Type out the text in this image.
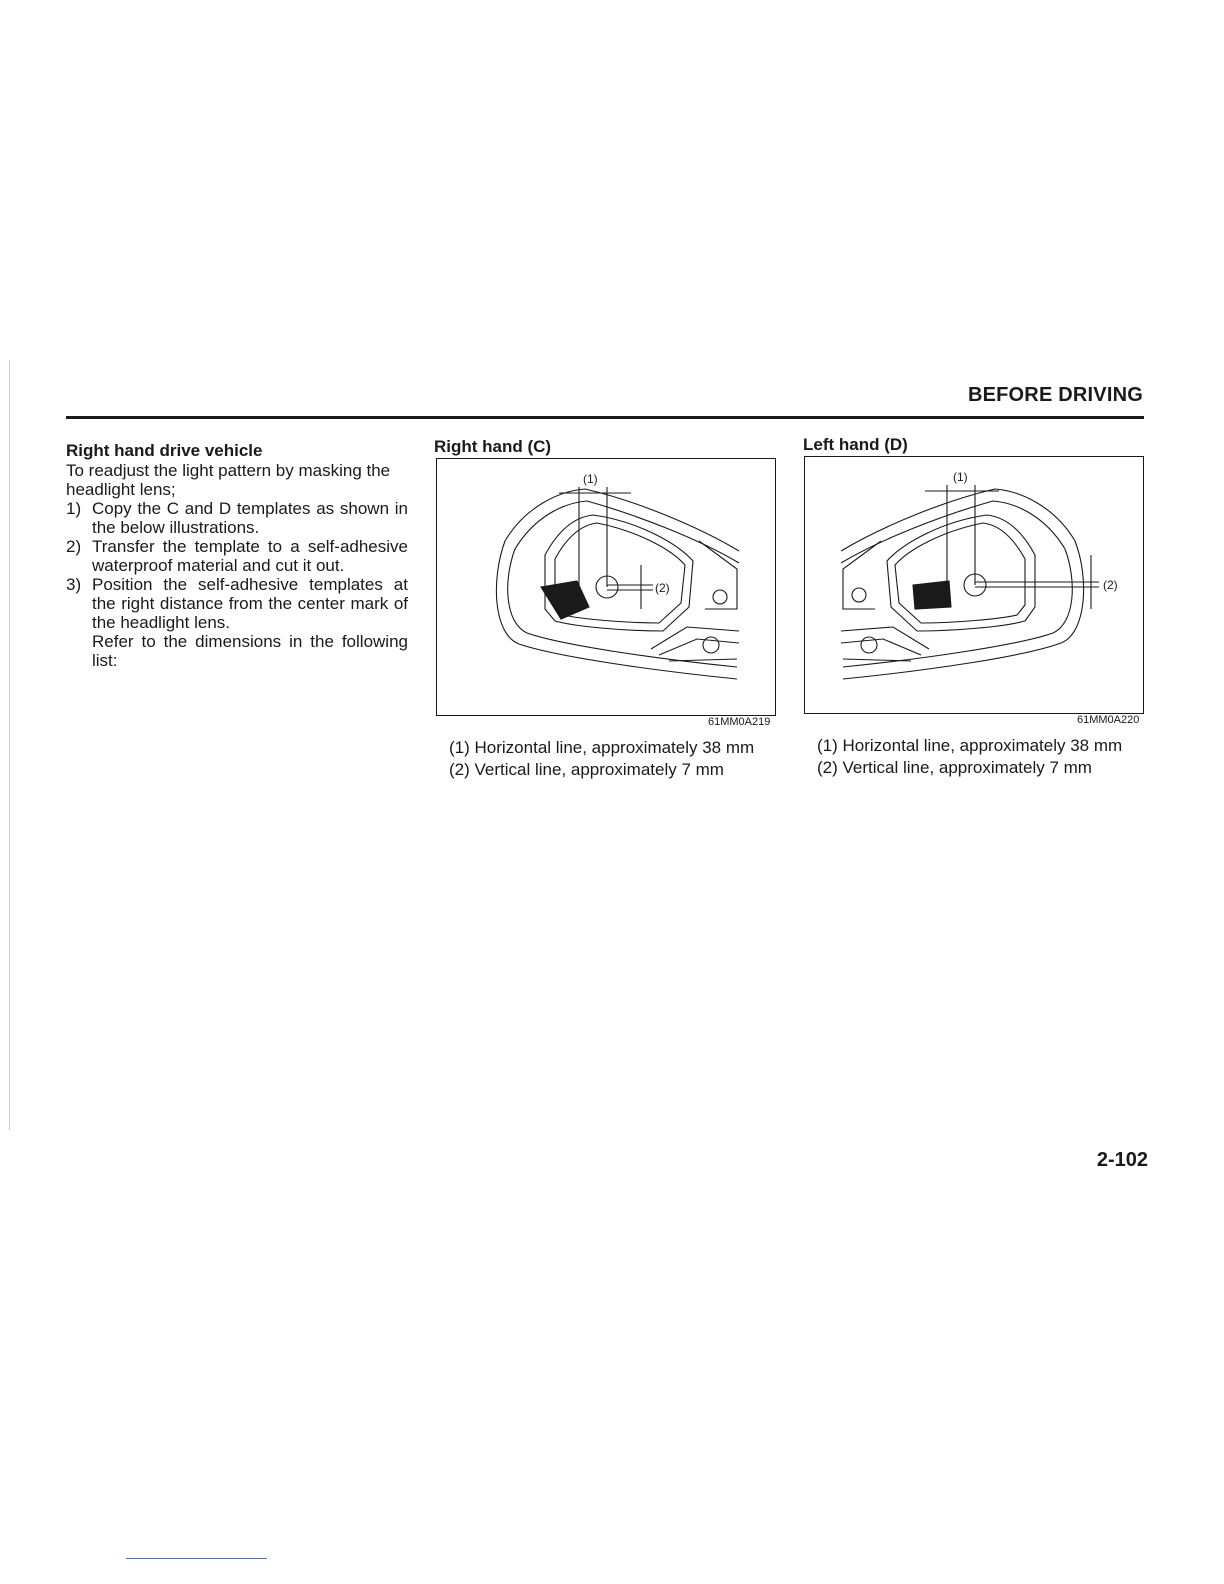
BEFORE DRIVING
Right hand drive vehicle

To readjust the light pattern by masking the headlight lens;

1) Copy the C and D templates as shown in the below illustrations.
2) Transfer the template to a self-adhesive waterproof material and cut it out.
3) Position the self-adhesive templates at the right distance from the center mark of the headlight lens.
Refer to the dimensions in the following list:
Right hand (C)
(1)
(2)
61MM0A219
(1) Horizontal line, approximately 38 mm
(2) Vertical line, approximately 7 mm
Left hand (D)
(1)
(2)
61MM0A220
(1) Horizontal line, approximately 38 mm
(2) Vertical line, approximately 7 mm

2-102
